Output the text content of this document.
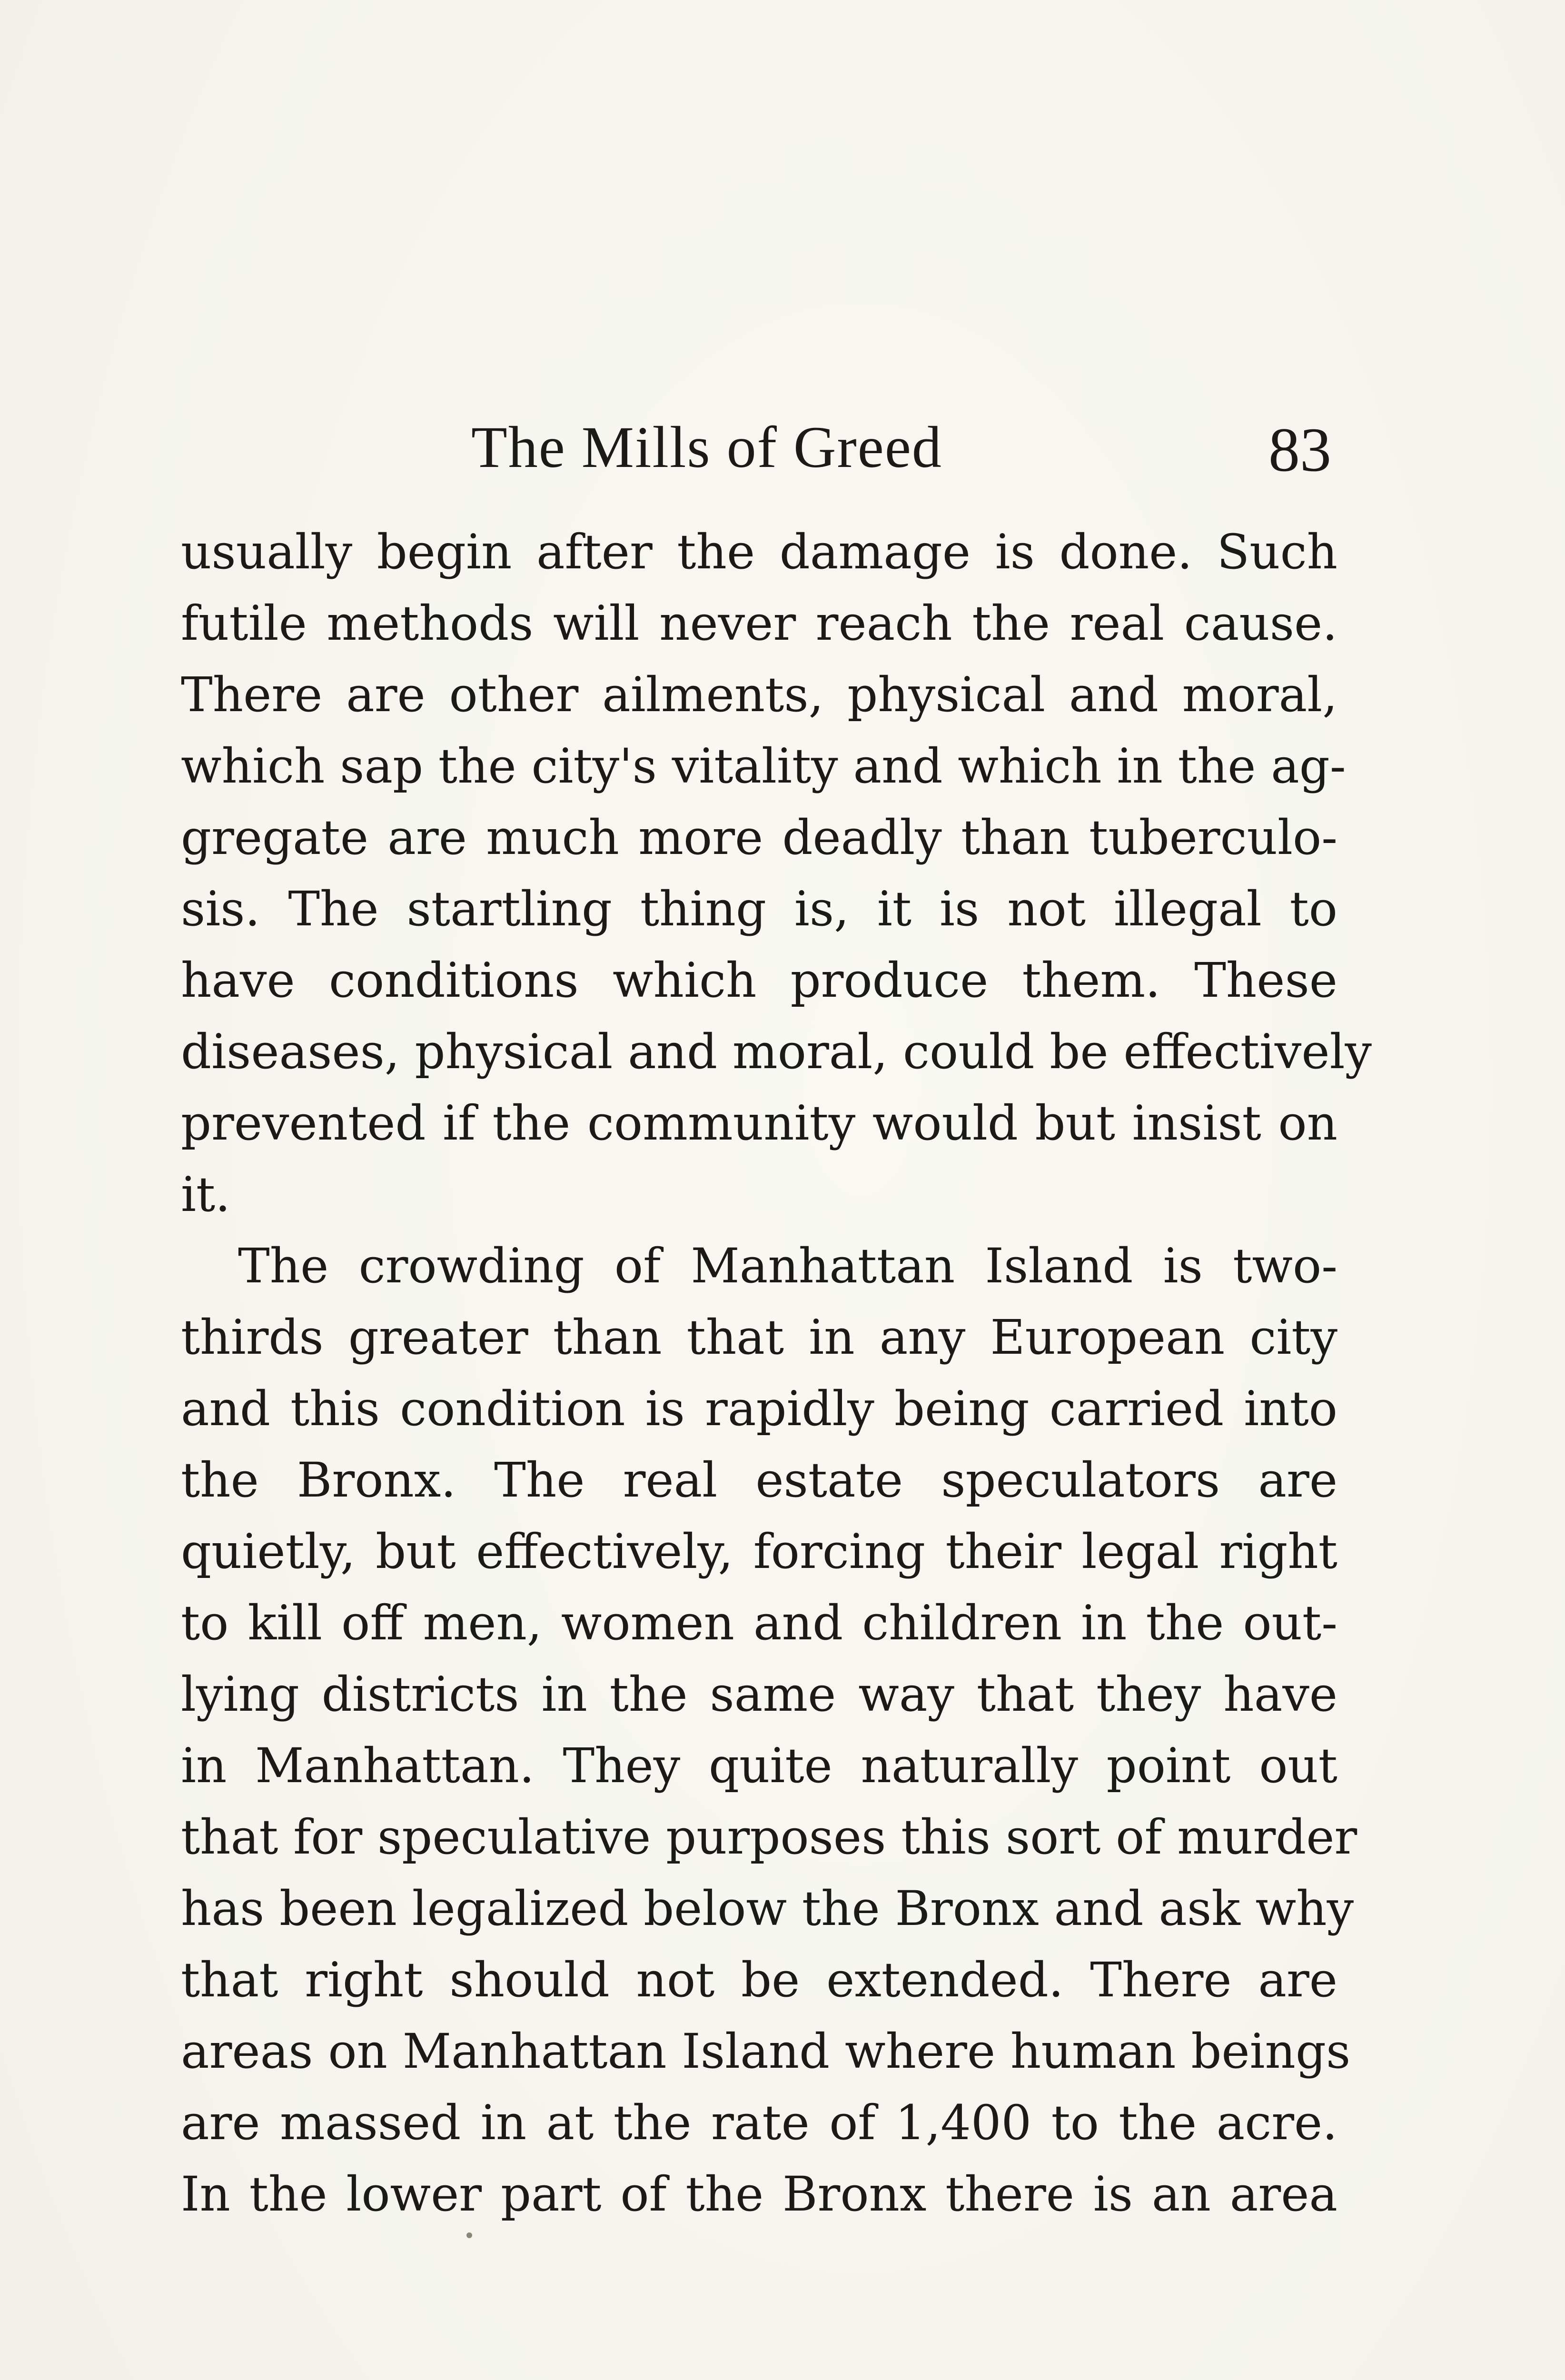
The Mills of Greed	83
usually begin after the damage is done. Such
futile methods will never reach the real cause.
There are other ailments, physical and moral,
which sap the city's vitality and which in the ag-
gregate are much more deadly than tuberculo-
sis. The startling thing is, it is not illegal to
have conditions which produce them. These
diseases, physical and moral, could be effectively
prevented if the community would but insist on
it.
The crowding of Manhattan Island is two-
thirds greater than that in any European city
and this condition is rapidly being carried into
the Bronx. The real estate speculators are
quietly, but effectively, forcing their legal right
to kill off men, women and children in the out-
lying districts in the same way that they have
in Manhattan. They quite naturally point out
that for speculative purposes this sort of murder
has been legalized below the Bronx and ask why
that right should not be extended. There are
areas on Manhattan Island where human beings
are massed in at the rate of 1,400 to the acre.
In the lower part of the Bronx there is an area
